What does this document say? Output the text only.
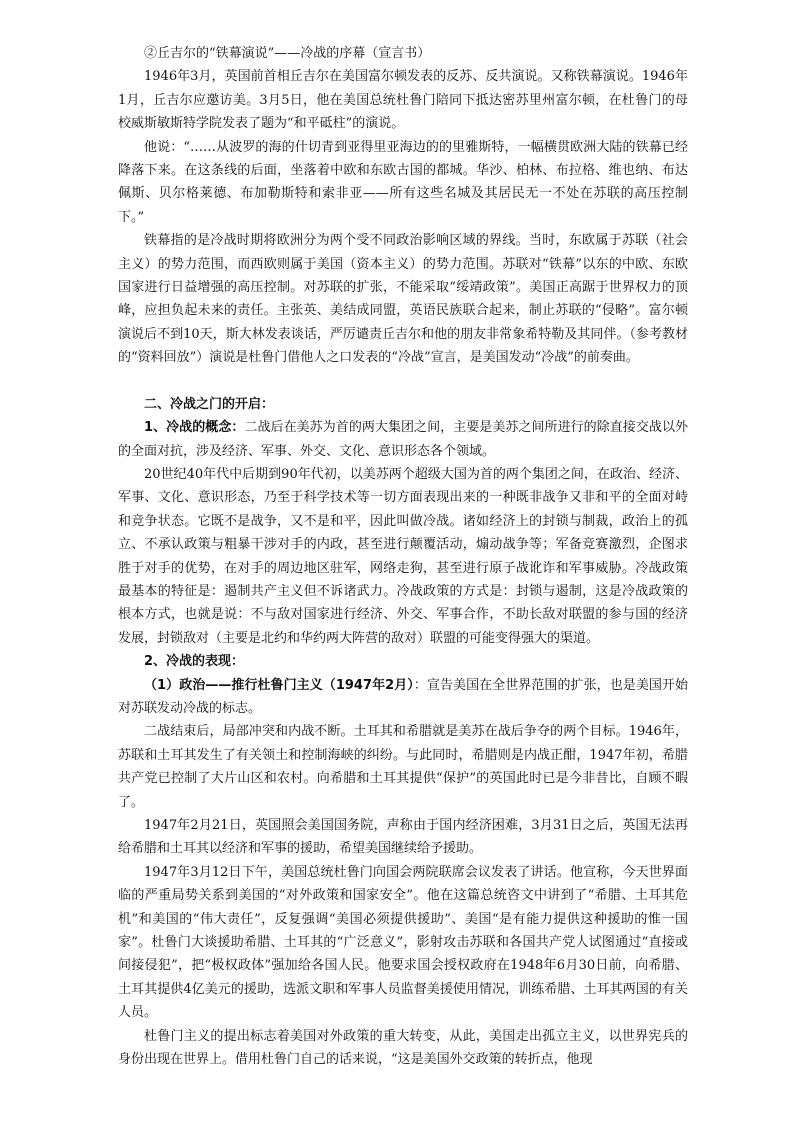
②丘吉尔的“铁幕演说”——冷战的序幕（宣言书）

1946年3月，英国前首相丘吉尔在美国富尔顿发表的反苏、反共演说。又称铁幕演说。1946年1月，丘吉尔应邀访美。3月5日，他在美国总统杜鲁门陪同下抵达密苏里州富尔顿，在杜鲁门的母校威斯敏斯特学院发表了题为“和平砥柱”的演说。

他说：“……从波罗的海的什切青到亚得里亚海边的的里雅斯特，一幅横贯欧洲大陆的铁幕已经降落下来。在这条线的后面，坐落着中欧和东欧古国的都城。华沙、柏林、布拉格、维也纳、布达佩斯、贝尔格莱德、布加勒斯特和索非亚——所有这些名城及其居民无一不处在苏联的高压控制下。”

铁幕指的是冷战时期将欧洲分为两个受不同政治影响区域的界线。当时，东欧属于苏联（社会主义）的势力范围，而西欧则属于美国（资本主义）的势力范围。苏联对“铁幕”以东的中欧、东欧国家进行日益增强的高压控制。对苏联的扩张，不能采取“绥靖政策”。美国正高踞于世界权力的顶峰，应担负起未来的责任。主张英、美结成同盟，英语民族联合起来，制止苏联的“侵略”。富尔顿演说后不到10天，斯大林发表谈话，严厉谴责丘吉尔和他的朋友非常象希特勒及其同伴。（参考教材的“资料回放”）演说是杜鲁门借他人之口发表的“冷战”宣言，是美国发动“冷战”的前奏曲。

二、冷战之门的开启：

1、冷战的概念：二战后在美苏为首的两大集团之间，主要是美苏之间所进行的除直接交战以外的全面对抗，涉及经济、军事、外交、文化、意识形态各个领域。

20世纪40年代中后期到90年代初，以美苏两个超级大国为首的两个集团之间，在政治、经济、军事、文化、意识形态，乃至于科学技术等一切方面表现出来的一种既非战争又非和平的全面对峙和竞争状态。它既不是战争，又不是和平，因此叫做冷战。诸如经济上的封锁与制裁，政治上的孤立、不承认政策与粗暴干涉对手的内政，甚至进行颠覆活动，煽动战争等；军备竞赛激烈，企图求胜于对手的优势，在对手的周边地区驻军，网络走狗，甚至进行原子战讹诈和军事威胁。冷战政策最基本的特征是：遏制共产主义但不诉诸武力。冷战政策的方式是：封锁与遏制，这是冷战政策的根本方式，也就是说：不与敌对国家进行经济、外交、军事合作，不助长敌对联盟的参与国的经济发展，封锁敌对（主要是北约和华约两大阵营的敌对）联盟的可能变得强大的渠道。

2、冷战的表现：

（1）政治——推行杜鲁门主义（1947年2月）：宣告美国在全世界范围的扩张，也是美国开始对苏联发动冷战的标志。

二战结束后，局部冲突和内战不断。土耳其和希腊就是美苏在战后争夺的两个目标。1946年，苏联和土耳其发生了有关领土和控制海峡的纠纷。与此同时，希腊则是内战正酣，1947年初，希腊共产党已控制了大片山区和农村。向希腊和土耳其提供“保护”的英国此时已是今非昔比，自顾不暇了。

1947年2月21日，英国照会美国国务院，声称由于国内经济困难，3月31日之后，英国无法再给希腊和土耳其以经济和军事的援助，希望美国继续给予援助。

1947年3月12日下午，美国总统杜鲁门向国会两院联席会议发表了讲话。他宣称，今天世界面临的严重局势关系到美国的“对外政策和国家安全”。他在这篇总统咨文中讲到了“希腊、土耳其危机”和美国的“伟大责任”，反复强调“美国必须提供援助”、美国“是有能力提供这种援助的惟一国家”。杜鲁门大谈援助希腊、土耳其的“广泛意义”，影射攻击苏联和各国共产党人试图通过“直接或间接侵犯”，把“极权政体”强加给各国人民。他要求国会授权政府在1948年6月30日前，向希腊、土耳其提供4亿美元的援助，选派文职和军事人员监督美援使用情况，训练希腊、土耳其两国的有关人员。

杜鲁门主义的提出标志着美国对外政策的重大转变，从此，美国走出孤立主义，以世界宪兵的身份出现在世界上。借用杜鲁门自己的话来说，“这是美国外交政策的转折点，他现
